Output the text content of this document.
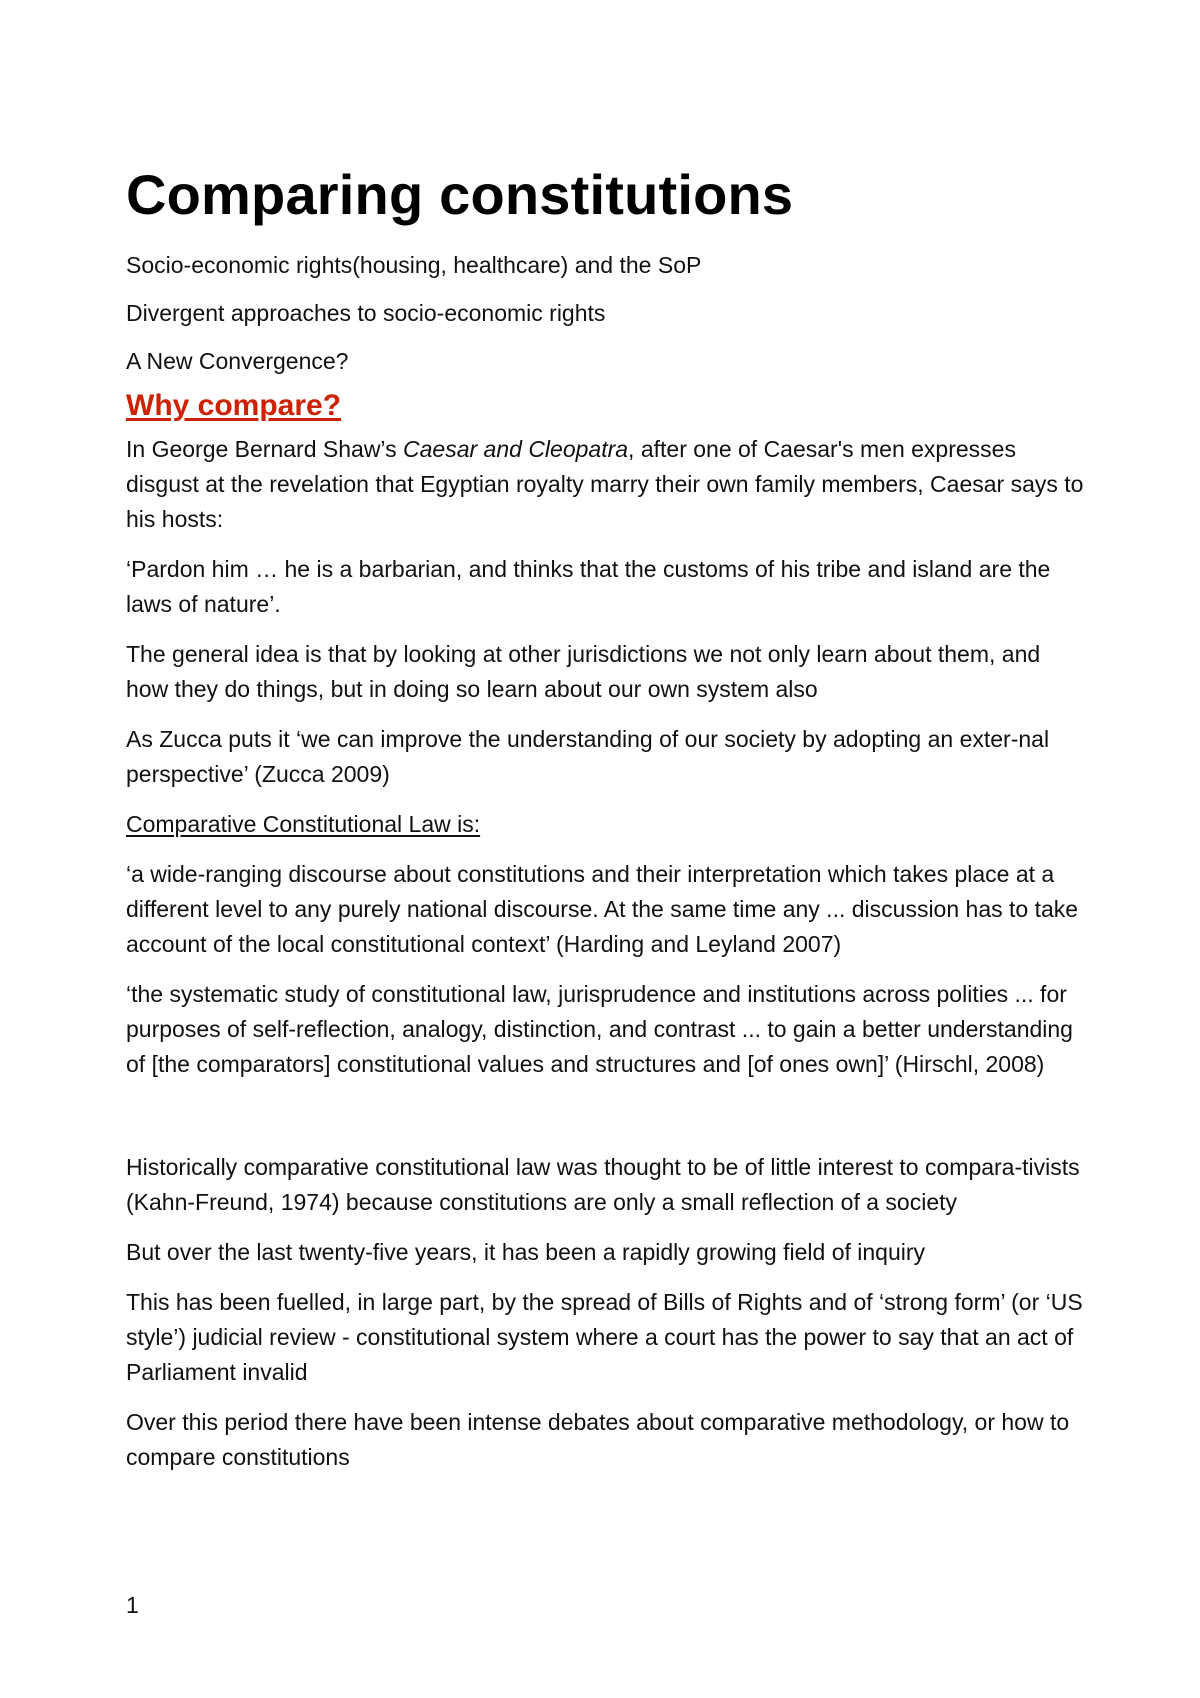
Comparing constitutions

Socio-economic rights(housing, healthcare) and the SoP

Divergent approaches to socio-economic rights

A New Convergence?

Why compare?

In George Bernard Shaw’s Caesar and Cleopatra, after one of Caesar's men expresses disgust at the revelation that Egyptian royalty marry their own family members, Caesar says to his hosts:

‘Pardon him … he is a barbarian, and thinks that the customs of his tribe and island are the laws of nature’.

The general idea is that by looking at other jurisdictions we not only learn about them, and how they do things, but in doing so learn about our own system also

As Zucca puts it ‘we can improve the understanding of our society by adopting an exter-nal perspective’ (Zucca 2009)

Comparative Constitutional Law is:

‘a wide-ranging discourse about constitutions and their interpretation which takes place at a different level to any purely national discourse. At the same time any ... discussion has to take account of the local constitutional context’ (Harding and Leyland 2007)

‘the systematic study of constitutional law, jurisprudence and institutions across polities ... for purposes of self-reflection, analogy, distinction, and contrast ... to gain a better understanding of [the comparators] constitutional values and structures and [of ones own]’ (Hirschl, 2008)

Historically comparative constitutional law was thought to be of little interest to compara-tivists (Kahn-Freund, 1974) because constitutions are only a small reflection of a society

But over the last twenty-five years, it has been a rapidly growing field of inquiry

This has been fuelled, in large part, by the spread of Bills of Rights and of ‘strong form’ (or ‘US style’) judicial review - constitutional system where a court has the power to say that an act of Parliament invalid

Over this period there have been intense debates about comparative methodology, or how to compare constitutions

1
